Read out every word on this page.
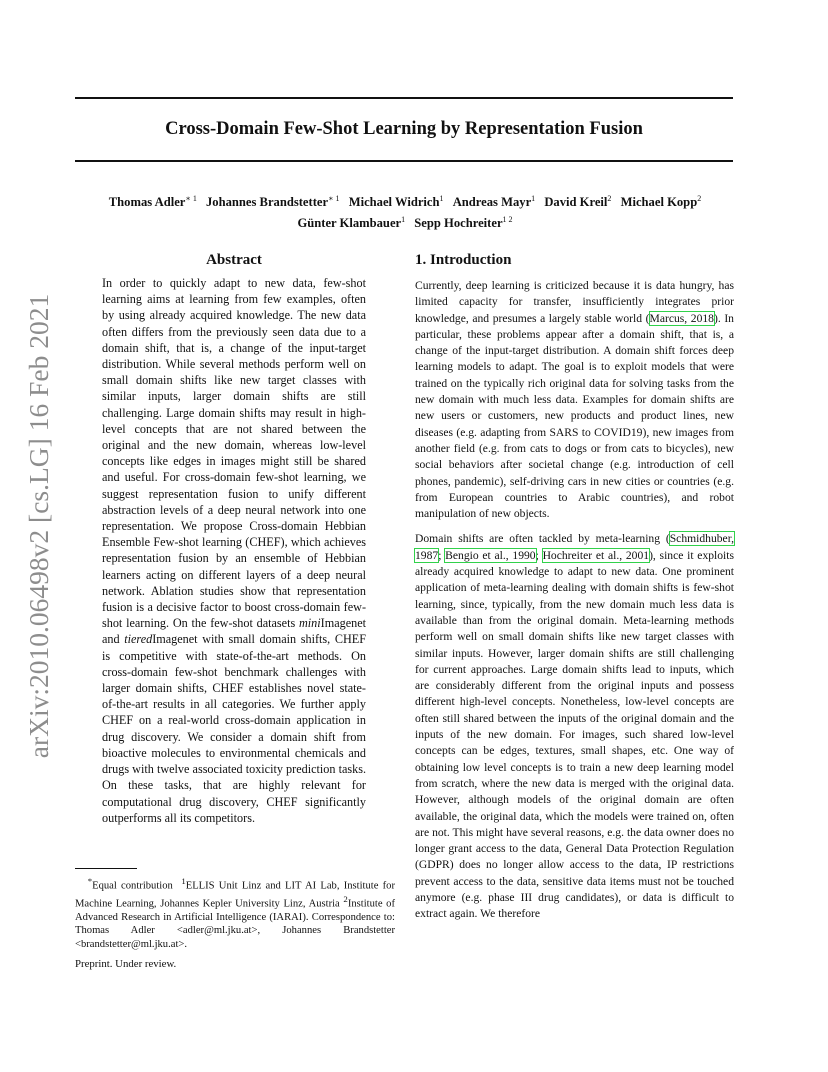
Cross-Domain Few-Shot Learning by Representation Fusion
Thomas Adler$^{∗ 1}$ Johannes Brandstetter$^{∗ 1}$ Michael Widrich$^1$ Andreas Mayr$^1$ David Kreil$^2$ Michael Kopp$^2$
Günter Klambauer$^1$ Sepp Hochreiter$^{1 2}$
arXiv:2010.06498v2 [cs.LG] 16 Feb 2021
Abstract

In order to quickly adapt to new data, few-shot learning aims at learning from few examples, often by using already acquired knowledge. The new data often differs from the previously seen data due to a domain shift, that is, a change of the input-target distribution. While several methods perform well on small domain shifts like new target classes with similar inputs, larger domain shifts are still challenging. Large domain shifts may result in high-level concepts that are not shared between the original and the new domain, whereas low-level concepts like edges in images might still be shared and useful. For cross-domain few-shot learning, we suggest representation fusion to unify different abstraction levels of a deep neural network into one representation. We propose Cross-domain Hebbian Ensemble Few-shot learning (CHEF), which achieves representation fusion by an ensemble of Hebbian learners acting on different layers of a deep neural network. Ablation studies show that representation fusion is a decisive factor to boost cross-domain few-shot learning. On the few-shot datasets miniImagenet and tieredImagenet with small domain shifts, CHEF is competitive with state-of-the-art methods. On cross-domain few-shot benchmark challenges with larger domain shifts, CHEF establishes novel state-of-the-art results in all categories. We further apply CHEF on a real-world cross-domain application in drug discovery. We consider a domain shift from bioactive molecules to environmental chemicals and drugs with twelve associated toxicity prediction tasks. On these tasks, that are highly relevant for computational drug discovery, CHEF significantly outperforms all its competitors.

*Equal contribution $^1$ELLIS Unit Linz and LIT AI Lab, Institute for Machine Learning, Johannes Kepler University Linz, Austria $^2$Institute of Advanced Research in Artificial Intelligence (IARAI). Correspondence to: Thomas Adler <adler@ml.jku.at>, Johannes Brandstetter <brandstetter@ml.jku.at>.

Preprint. Under review.
1. Introduction

Currently, deep learning is criticized because it is data hungry, has limited capacity for transfer, insufficiently integrates prior knowledge, and presumes a largely stable world (Marcus, 2018). In particular, these problems appear after a domain shift, that is, a change of the input-target distribution. A domain shift forces deep learning models to adapt. The goal is to exploit models that were trained on the typically rich original data for solving tasks from the new domain with much less data. Examples for domain shifts are new users or customers, new products and product lines, new diseases (e.g. adapting from SARS to COVID19), new images from another field (e.g. from cats to dogs or from cats to bicycles), new social behaviors after societal change (e.g. introduction of cell phones, pandemic), self-driving cars in new cities or countries (e.g. from European countries to Arabic countries), and robot manipulation of new objects.

Domain shifts are often tackled by meta-learning (Schmidhuber, 1987; Bengio et al., 1990; Hochreiter et al., 2001), since it exploits already acquired knowledge to adapt to new data. One prominent application of meta-learning dealing with domain shifts is few-shot learning, since, typically, from the new domain much less data is available than from the original domain. Meta-learning methods perform well on small domain shifts like new target classes with similar inputs. However, larger domain shifts are still challenging for current approaches. Large domain shifts lead to inputs, which are considerably different from the original inputs and possess different high-level concepts. Nonetheless, low-level concepts are often still shared between the inputs of the original domain and the inputs of the new domain. For images, such shared low-level concepts can be edges, textures, small shapes, etc. One way of obtaining low level concepts is to train a new deep learning model from scratch, where the new data is merged with the original data. However, although models of the original domain are often available, the original data, which the models were trained on, often are not. This might have several reasons, e.g. the data owner does no longer grant access to the data, General Data Protection Regulation (GDPR) does no longer allow access to the data, IP restrictions prevent access to the data, sensitive data items must not be touched anymore (e.g. phase III drug candidates), or data is difficult to extract again. We therefore
